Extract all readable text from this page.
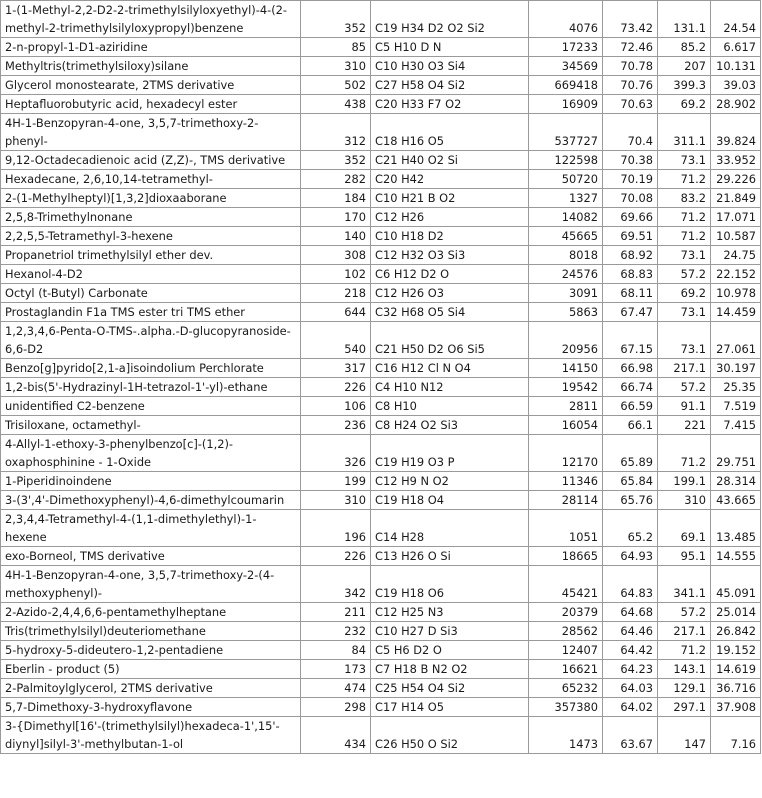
1-(1-Methyl-2,2-D2-2-trimethylsilyloxyethyl)-4-(2-methyl-2-trimethylsilyloxypropyl)benzene	352	C19 H34 D2 O2 Si2	4076	73.42	131.1	24.54
2-n-propyl-1-D1-aziridine	85	C5 H10 D N	17233	72.46	85.2	6.617
Methyltris(trimethylsiloxy)silane	310	C10 H30 O3 Si4	34569	70.78	207	10.131
Glycerol monostearate, 2TMS derivative	502	C27 H58 O4 Si2	669418	70.76	399.3	39.03
Heptafluorobutyric acid, hexadecyl ester	438	C20 H33 F7 O2	16909	70.63	69.2	28.902
4H-1-Benzopyran-4-one, 3,5,7-trimethoxy-2-phenyl-	312	C18 H16 O5	537727	70.4	311.1	39.824
9,12-Octadecadienoic acid (Z,Z)-, TMS derivative	352	C21 H40 O2 Si	122598	70.38	73.1	33.952
Hexadecane, 2,6,10,14-tetramethyl-	282	C20 H42	50720	70.19	71.2	29.226
2-(1-Methylheptyl)[1,3,2]dioxaaborane	184	C10 H21 B O2	1327	70.08	83.2	21.849
2,5,8-Trimethylnonane	170	C12 H26	14082	69.66	71.2	17.071
2,2,5,5-Tetramethyl-3-hexene	140	C10 H18 D2	45665	69.51	71.2	10.587
Propanetriol trimethylsilyl ether dev.	308	C12 H32 O3 Si3	8018	68.92	73.1	24.75
Hexanol-4-D2	102	C6 H12 D2 O	24576	68.83	57.2	22.152
Octyl (t-Butyl) Carbonate	218	C12 H26 O3	3091	68.11	69.2	10.978
Prostaglandin F1a TMS ester tri TMS ether	644	C32 H68 O5 Si4	5863	67.47	73.1	14.459
1,2,3,4,6-Penta-O-TMS-.alpha.-D-glucopyranoside-6,6-D2	540	C21 H50 D2 O6 Si5	20956	67.15	73.1	27.061
Benzo[g]pyrido[2,1-a]isoindolium Perchlorate	317	C16 H12 Cl N O4	14150	66.98	217.1	30.197
1,2-bis(5'-Hydrazinyl-1H-tetrazol-1'-yl)-ethane	226	C4 H10 N12	19542	66.74	57.2	25.35
unidentified C2-benzene	106	C8 H10	2811	66.59	91.1	7.519
Trisiloxane, octamethyl-	236	C8 H24 O2 Si3	16054	66.1	221	7.415
4-Allyl-1-ethoxy-3-phenylbenzo[c]-(1,2)-oxaphosphinine - 1-Oxide	326	C19 H19 O3 P	12170	65.89	71.2	29.751
1-Piperidinoindene	199	C12 H9 N O2	11346	65.84	199.1	28.314
3-(3',4'-Dimethoxyphenyl)-4,6-dimethylcoumarin	310	C19 H18 O4	28114	65.76	310	43.665
2,3,4,4-Tetramethyl-4-(1,1-dimethylethyl)-1-hexene	196	C14 H28	1051	65.2	69.1	13.485
exo-Borneol, TMS derivative	226	C13 H26 O Si	18665	64.93	95.1	14.555
4H-1-Benzopyran-4-one, 3,5,7-trimethoxy-2-(4-methoxyphenyl)-	342	C19 H18 O6	45421	64.83	341.1	45.091
2-Azido-2,4,4,6,6-pentamethylheptane	211	C12 H25 N3	20379	64.68	57.2	25.014
Tris(trimethylsilyl)deuteriomethane	232	C10 H27 D Si3	28562	64.46	217.1	26.842
5-hydroxy-5-dideutero-1,2-pentadiene	84	C5 H6 D2 O	12407	64.42	71.2	19.152
Eberlin - product (5)	173	C7 H18 B N2 O2	16621	64.23	143.1	14.619
2-Palmitoylglycerol, 2TMS derivative	474	C25 H54 O4 Si2	65232	64.03	129.1	36.716
5,7-Dimethoxy-3-hydroxyflavone	298	C17 H14 O5	357380	64.02	297.1	37.908
3-{Dimethyl[16'-(trimethylsilyl)hexadeca-1',15'-diynyl]silyl-3'-methylbutan-1-ol	434	C26 H50 O Si2	1473	63.67	147	7.16
